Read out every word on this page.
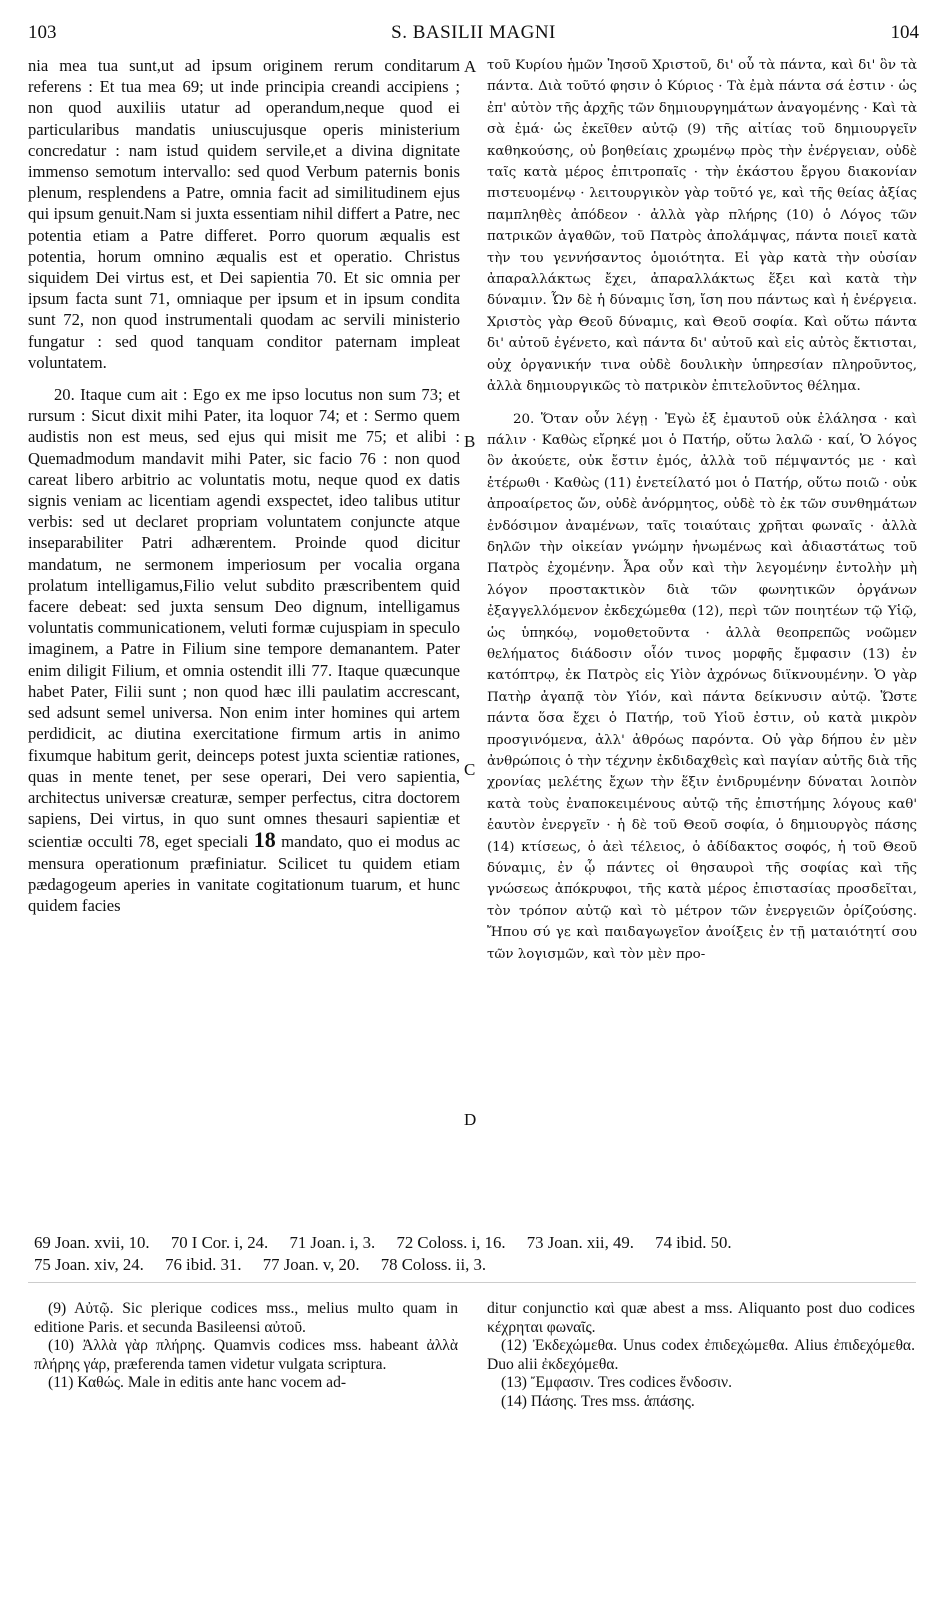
103	S. BASILII MAGNI	104

nia mea tua sunt,ut ad ipsum originem rerum conditarum referens : Et tua mea 69; ut inde principia creandi accipiens ; non quod auxiliis utatur ad operandum,neque quod ei particularibus mandatis uniuscujusque operis ministerium concredatur : nam istud quidem servile,et a divina dignitate immenso semotum intervallo: sed quod Verbum paternis bonis plenum, resplendens a Patre, omnia facit ad similitudinem ejus qui ipsum genuit.Nam si juxta essentiam nihil differt a Patre, nec potentia etiam a Patre differet. Porro quorum æqualis est potentia, horum omnino æqualis est et operatio. Christus siquidem Dei virtus est, et Dei sapientia 70. Et sic omnia per ipsum facta sunt 71, omniaque per ipsum et in ipsum condita sunt 72, non quod instrumentali quodam ac servili ministerio fungatur : sed quod tanquam conditor paternam impleat voluntatem.

20. Itaque cum ait : Ego ex me ipso locutus non sum 73; et rursum : Sicut dixit mihi Pater, ita loquor 74; et : Sermo quem audistis non est meus, sed ejus qui misit me 75; et alibi : Quemadmodum mandavit mihi Pater, sic facio 76 : non quod careat libero arbitrio ac voluntatis motu, neque quod ex datis signis veniam ac licentiam agendi exspectet, ideo talibus utitur verbis: sed ut declaret propriam voluntatem conjuncte atque inseparabiliter Patri adhærentem. Proinde quod dicitur mandatum, ne sermonem imperiosum per vocalia organa prolatum intelligamus,Filio velut subdito præscribentem quid facere debeat: sed juxta sensum Deo dignum, intelligamus voluntatis communicationem, veluti formæ cujuspiam in speculo imaginem, a Patre in Filium sine tempore demanantem. Pater enim diligit Filium, et omnia ostendit illi 77. Itaque quæcunque habet Pater, Filii sunt ; non quod hæc illi paulatim accrescant, sed adsunt semel universa. Non enim inter homines qui artem perdidicit, ac diutina exercitatione firmum artis in animo fixumque habitum gerit, deinceps potest juxta scientiæ rationes, quas in mente tenet, per sese operari, Dei vero sapientia, architectus universæ creaturæ, semper perfectus, citra doctorem sapiens, Dei virtus, in quo sunt omnes thesauri sapientiæ et scientiæ occulti 78, eget speciali 18 mandato, quo ei modus ac mensura operationum præfiniatur. Scilicet tu quidem etiam pædagogeum aperies in vanitate cogitationum tuarum, et hunc quidem facies

A
B
C
D

τοῦ Κυρίου ἡμῶν Ἰησοῦ Χριστοῦ, δι' οὗ τὰ πάντα, καὶ δι' ὃν τὰ πάντα. Διὰ τοῦτό φησιν ὁ Κύριος · Τὰ ἐμὰ πάντα σά ἐστιν · ὡς ἐπ' αὐτὸν τῆς ἀρχῆς τῶν δημιουργημάτων ἀναγομένης · Καὶ τὰ σὰ ἐμά· ὡς ἐκεῖθεν αὐτῷ (9) τῆς αἰτίας τοῦ δημιουργεῖν καθηκούσης, οὐ βοηθείαις χρωμένῳ πρὸς τὴν ἐνέργειαν, οὐδὲ ταῖς κατὰ μέρος ἐπιτροπαῖς · τὴν ἑκάστου ἔργου διακονίαν πιστευομένῳ · λειτουργικὸν γὰρ τοῦτό γε, καὶ τῆς θείας ἀξίας παμπληθὲς ἀπόδεον · ἀλλὰ γὰρ πλήρης (10) ὁ Λόγος τῶν πατρικῶν ἀγαθῶν, τοῦ Πατρὸς ἀπολάμψας, πάντα ποιεῖ κατὰ τὴν του γεννήσαντος ὁμοιότητα. Εἰ γὰρ κατὰ τὴν οὐσίαν ἀπαραλλάκτως ἔχει, ἀπαραλλάκτως ἕξει καὶ κατὰ τὴν δύναμιν. Ὧν δὲ ἡ δύναμις ἴση, ἴση που πάντως καὶ ἡ ἐνέργεια. Χριστὸς γὰρ Θεοῦ δύναμις, καὶ Θεοῦ σοφία. Καὶ οὕτω πάντα δι' αὐτοῦ ἐγένετο, καὶ πάντα δι' αὐτοῦ καὶ εἰς αὐτὸς ἔκτισται, οὐχ ὀργανικήν τινα οὐδὲ δουλικὴν ὑπηρεσίαν πληροῦντος, ἀλλὰ δημιουργικῶς τὸ πατρικὸν ἐπιτελοῦντος θέλημα.

20. Ὅταν οὖν λέγῃ · Ἐγὼ ἐξ ἐμαυτοῦ οὐκ ἐλάλησα · καὶ πάλιν · Καθὼς εἴρηκέ μοι ὁ Πατήρ, οὕτω λαλῶ · καί, Ὁ λόγος ὃν ἀκούετε, οὐκ ἔστιν ἐμός, ἀλλὰ τοῦ πέμψαντός με · καὶ ἑτέρωθι · Καθὼς (11) ἐνετείλατό μοι ὁ Πατήρ, οὕτω ποιῶ · οὐκ ἀπροαίρετος ὤν, οὐδὲ ἀνόρμητος, οὐδὲ τὸ ἐκ τῶν συνθημάτων ἐνδόσιμον ἀναμένων, ταῖς τοιαύταις χρῆται φωναῖς · ἀλλὰ δηλῶν τὴν οἰκείαν γνώμην ἡνωμένως καὶ ἀδιαστάτως τοῦ Πατρὸς ἐχομένην. Ἆρα οὖν καὶ τὴν λεγομένην ἐντολὴν μὴ λόγον προστακτικὸν διὰ τῶν φωνητικῶν ὀργάνων ἐξαγγελλόμενον ἐκδεχώμεθα (12), περὶ τῶν ποιητέων τῷ Υἱῷ, ὡς ὑπηκόῳ, νομοθετοῦντα · ἀλλὰ θεοπρεπῶς νοῶμεν θελήματος διάδοσιν οἷόν τινος μορφῆς ἔμφασιν (13) ἐν κατόπτρῳ, ἐκ Πατρὸς εἰς Υἱὸν ἀχρόνως διϊκνουμένην. Ὁ γὰρ Πατὴρ ἀγαπᾷ τὸν Υἱόν, καὶ πάντα δείκνυσιν αὐτῷ. Ὥστε πάντα ὅσα ἔχει ὁ Πατήρ, τοῦ Υἱοῦ ἐστιν, οὐ κατὰ μικρὸν προσγινόμενα, ἀλλ' ἀθρόως παρόντα. Οὐ γὰρ δήπου ἐν μὲν ἀνθρώποις ὁ τὴν τέχνην ἐκδιδαχθεὶς καὶ παγίαν αὐτῆς διὰ τῆς χρονίας μελέτης ἔχων τὴν ἕξιν ἐνιδρυμένην δύναται λοιπὸν κατὰ τοὺς ἐναποκειμένους αὐτῷ τῆς ἐπιστήμης λόγους καθ' ἑαυτὸν ἐνεργεῖν · ἡ δὲ τοῦ Θεοῦ σοφία, ὁ δημιουργὸς πάσης (14) κτίσεως, ὁ ἀεὶ τέλειος, ὁ ἀδίδακτος σοφός, ἡ τοῦ Θεοῦ δύναμις, ἐν ᾧ πάντες οἱ θησαυροὶ τῆς σοφίας καὶ τῆς γνώσεως ἀπόκρυφοι, τῆς κατὰ μέρος ἐπιστασίας προσδεῖται, τὸν τρόπον αὐτῷ καὶ τὸ μέτρον τῶν ἐνεργειῶν ὁρίζούσης. Ἤπου σύ γε καὶ παιδαγωγεῖον ἀνοίξεις ἐν τῇ ματαιότητί σου τῶν λογισμῶν, καὶ τὸν μὲν προ-

69 Joan. xvii, 10. 70 I Cor. i, 24. 71 Joan. i, 3. 72 Coloss. i, 16. 73 Joan. xii, 49. 74 ibid. 50.
75 Joan. xiv, 24. 76 ibid. 31. 77 Joan. v, 20. 78 Coloss. ii, 3.

(9) Αὐτῷ. Sic plerique codices mss., melius multo quam in editione Paris. et secunda Basileensi αὐτοῦ.

(10) Ἀλλὰ γὰρ πλήρης. Quamvis codices mss. habeant ἀλλὰ πλήρης γάρ, præferenda tamen videtur vulgata scriptura.

(11) Καθώς. Male in editis ante hanc vocem ad-

ditur conjunctio καὶ quæ abest a mss. Aliquanto post duo codices κέχρηται φωναῖς.

(12) Ἐκδεχώμεθα. Unus codex ἐπιδεχώμεθα. Alius ἐπιδεχόμεθα. Duo alii ἐκδεχόμεθα.

(13) Ἔμφασιν. Tres codices ἔνδοσιν.

(14) Πάσης. Tres mss. ἁπάσης.
